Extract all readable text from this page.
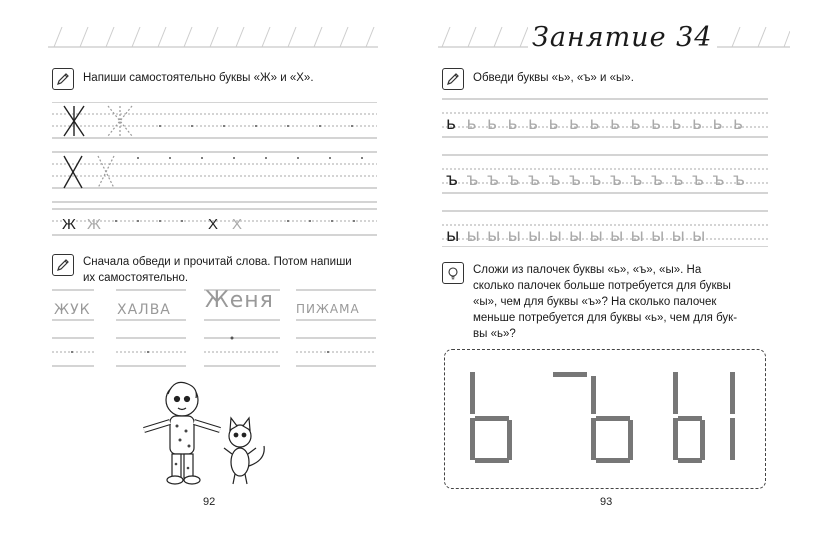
Напиши самостоятельно буквы «Ж» и «Х».
Ж Ж	Х Х
Сначала обведи и прочитай слова. Потом напиши
их самостоятельно.
ЖУК ХАЛВА Женя ПИЖАМА
92
Занятие 34
Обведи буквы «ь», «ъ» и «ы».
ь ь ь ь ь ь ь ь ь ь ь ь ь ь ь
ъ ъ ъ ъ ъ ъ ъ ъ ъ ъ ъ ъ ъ ъ ъ
ы ы ы ы ы ы ы ы ы ы ы ы ы
Сложи из палочек буквы «ь», «ъ», «ы». На
сколько палочек больше потребуется для буквы
«ы», чем для буквы «ъ»? На сколько палочек
меньше потребуется для буквы «ь», чем для бук-
вы «ь»?
93
